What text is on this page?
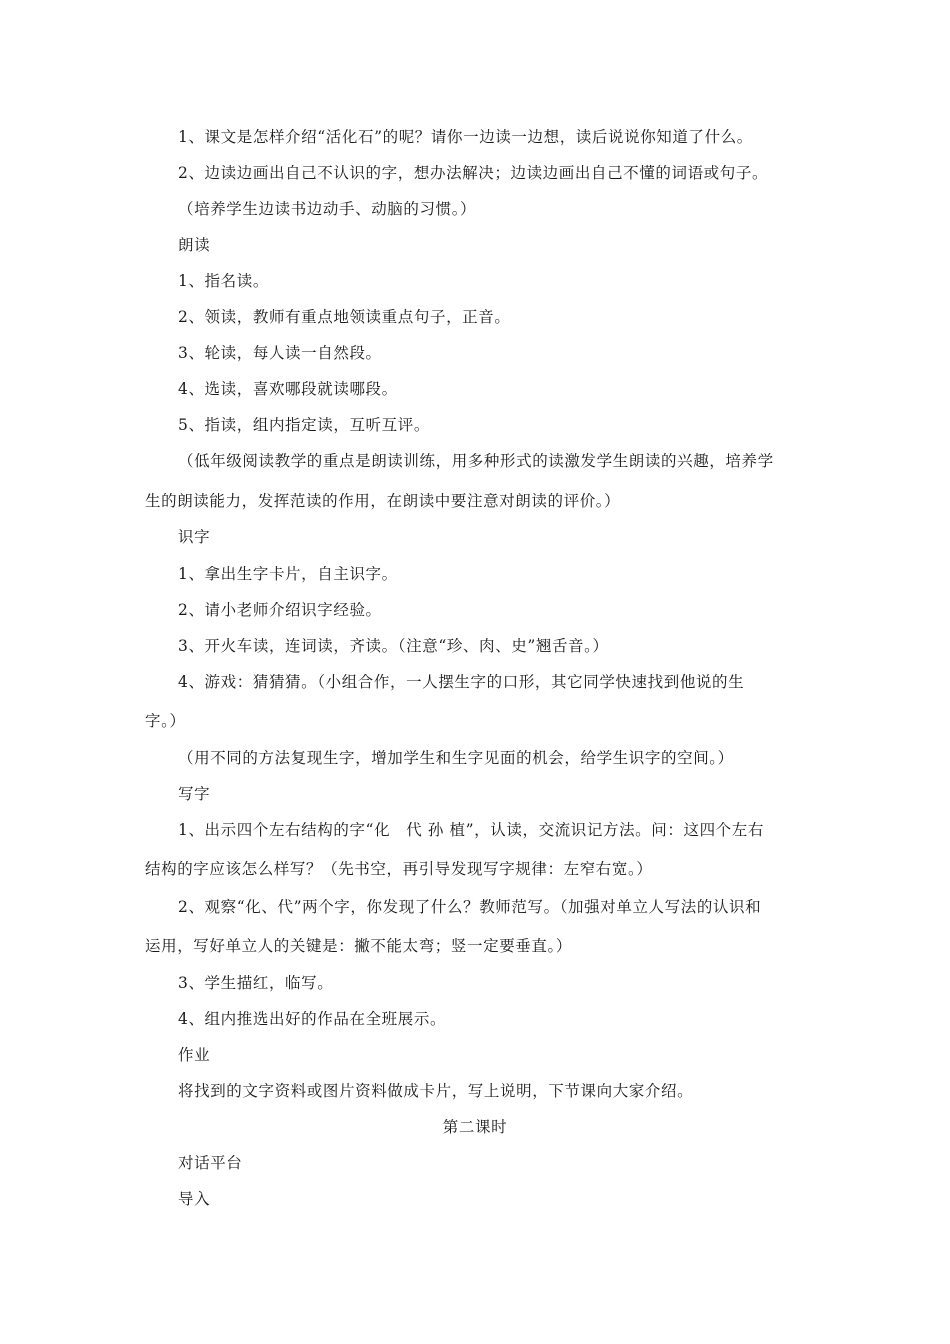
1、课文是怎样介绍“活化石”的呢？请你一边读一边想，读后说说你知道了什么。
2、边读边画出自己不认识的字，想办法解决；边读边画出自己不懂的词语或句子。
（培养学生边读书边动手、动脑的习惯。）
朗读
1、指名读。
2、领读，教师有重点地领读重点句子，正音。
3、轮读，每人读一自然段。
4、选读，喜欢哪段就读哪段。
5、指读，组内指定读，互听互评。
（低年级阅读教学的重点是朗读训练，用多种形式的读激发学生朗读的兴趣，培养学
生的朗读能力，发挥范读的作用，在朗读中要注意对朗读的评价。）
识字
1、拿出生字卡片，自主识字。
2、请小老师介绍识字经验。
3、开火车读，连词读，齐读。（注意“珍、肉、史”翘舌音。）
4、游戏：猜猜猜。（小组合作，一人摆生字的口形，其它同学快速找到他说的生
字。）
（用不同的方法复现生字，增加学生和生字见面的机会，给学生识字的空间。）
写字
1、出示四个左右结构的字“化　代 孙 植”，认读，交流识记方法。问：这四个左右
结构的字应该怎么样写？（先书空，再引导发现写字规律：左窄右宽。）
2、观察“化、代”两个字，你发现了什么？教师范写。（加强对单立人写法的认识和
运用，写好单立人的关键是：撇不能太弯；竖一定要垂直。）
3、学生描红，临写。
4、组内推选出好的作品在全班展示。
作业
将找到的文字资料或图片资料做成卡片，写上说明，下节课向大家介绍。
第二课时
对话平台
导入
